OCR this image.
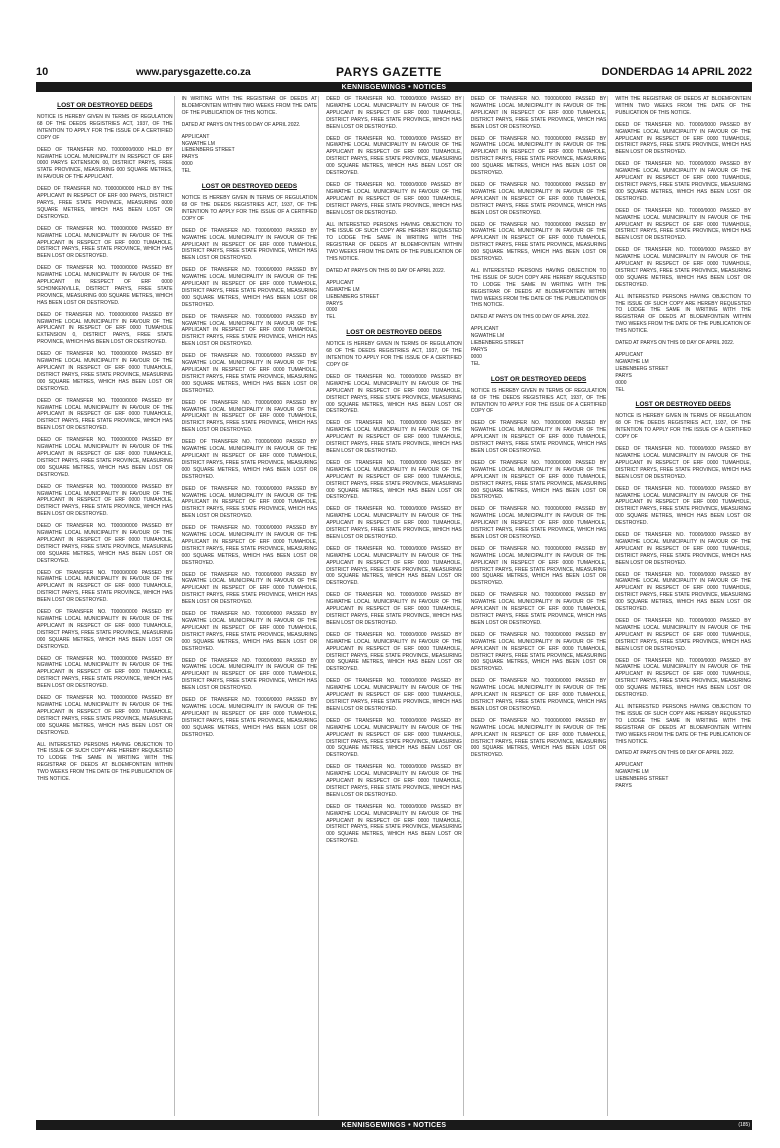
10	www.parysgazette.co.za	PARYS GAZETTE	DONDERDAG 14 APRIL 2022
KENNISGEWINGS • NOTICES
LOST OR DESTROYED DEEDS

NOTICE IS HEREBY GIVEN IN TERMS OF REGULATION 68 OF THE DEEDS REGISTRIES ACT, 1937, OF THE INTENTION TO APPLY FOR THE ISSUE OF A CERTIFIED COPY OF

DEED OF TRANSFER NO. T000000/0000 HELD BY NGWATHE LOCAL MUNICIPALITY IN RESPECT OF ERF 0000 PARYS EXTENSION 00, DISTRICT PARYS, FREE STATE PROVINCE, MEASURING 000 SQUARE METRES, IN FAVOUR OF THE APPLICANT.

DEED OF TRANSFER NO. T00000/0000 HELD BY THE APPLICANT IN RESPECT OF ERF 000 PARYS, DISTRICT PARYS, FREE STATE PROVINCE, MEASURING 0000 SQUARE METRES, WHICH HAS BEEN LOST OR DESTROYED.

DEED OF TRANSFER NO. T0000/0000 PASSED BY NGWATHE LOCAL MUNICIPALITY IN FAVOUR OF THE APPLICANT IN RESPECT OF ERF 0000 TUMAHOLE, DISTRICT PARYS, FREE STATE PROVINCE, WHICH HAS BEEN LOST OR DESTROYED.

DEED OF TRANSFER NO. T0000/0000 PASSED BY NGWATHE LOCAL MUNICIPALITY IN FAVOUR OF THE APPLICANT IN RESPECT OF ERF 0000 SCHONKENVILLE, DISTRICT PARYS, FREE STATE PROVINCE, MEASURING 000 SQUARE METRES, WHICH HAS BEEN LOST OR DESTROYED.

DEED OF TRANSFER NO. T00000/0000 PASSED BY NGWATHE LOCAL MUNICIPALITY IN FAVOUR OF THE APPLICANT IN RESPECT OF ERF 0000 TUMAHOLE EXTENSION 0, DISTRICT PARYS, FREE STATE PROVINCE, WHICH HAS BEEN LOST OR DESTROYED.

DEED OF TRANSFER NO. T0000/0000 PASSED BY NGWATHE LOCAL MUNICIPALITY IN FAVOUR OF THE APPLICANT IN RESPECT OF ERF 0000 TUMAHOLE, DISTRICT PARYS, FREE STATE PROVINCE, MEASURING 000 SQUARE METRES, WHICH HAS BEEN LOST OR DESTROYED.

DEED OF TRANSFER NO. T0000/0000 PASSED BY NGWATHE LOCAL MUNICIPALITY IN FAVOUR OF THE APPLICANT IN RESPECT OF ERF 0000 TUMAHOLE, DISTRICT PARYS, FREE STATE PROVINCE, WHICH HAS BEEN LOST OR DESTROYED.

DEED OF TRANSFER NO. T0000/0000 PASSED BY NGWATHE LOCAL MUNICIPALITY IN FAVOUR OF THE APPLICANT IN RESPECT OF ERF 0000 TUMAHOLE, DISTRICT PARYS, FREE STATE PROVINCE, MEASURING 000 SQUARE METRES, WHICH HAS BEEN LOST OR DESTROYED.

DEED OF TRANSFER NO. T0000/0000 PASSED BY NGWATHE LOCAL MUNICIPALITY IN FAVOUR OF THE APPLICANT IN RESPECT OF ERF 0000 TUMAHOLE, DISTRICT PARYS, FREE STATE PROVINCE, WHICH HAS BEEN LOST OR DESTROYED.

DEED OF TRANSFER NO. T0000/0000 PASSED BY NGWATHE LOCAL MUNICIPALITY IN FAVOUR OF THE APPLICANT IN RESPECT OF ERF 0000 TUMAHOLE, DISTRICT PARYS, FREE STATE PROVINCE, MEASURING 000 SQUARE METRES, WHICH HAS BEEN LOST OR DESTROYED.

DEED OF TRANSFER NO. T0000/0000 PASSED BY NGWATHE LOCAL MUNICIPALITY IN FAVOUR OF THE APPLICANT IN RESPECT OF ERF 0000 TUMAHOLE, DISTRICT PARYS, FREE STATE PROVINCE, WHICH HAS BEEN LOST OR DESTROYED.

DEED OF TRANSFER NO. T0000/0000 PASSED BY NGWATHE LOCAL MUNICIPALITY IN FAVOUR OF THE APPLICANT IN RESPECT OF ERF 0000 TUMAHOLE, DISTRICT PARYS, FREE STATE PROVINCE, MEASURING 000 SQUARE METRES, WHICH HAS BEEN LOST OR DESTROYED.

DEED OF TRANSFER NO. T0000/0000 PASSED BY NGWATHE LOCAL MUNICIPALITY IN FAVOUR OF THE APPLICANT IN RESPECT OF ERF 0000 TUMAHOLE, DISTRICT PARYS, FREE STATE PROVINCE, WHICH HAS BEEN LOST OR DESTROYED.

DEED OF TRANSFER NO. T0000/0000 PASSED BY NGWATHE LOCAL MUNICIPALITY IN FAVOUR OF THE APPLICANT IN RESPECT OF ERF 0000 TUMAHOLE, DISTRICT PARYS, FREE STATE PROVINCE, MEASURING 000 SQUARE METRES, WHICH HAS BEEN LOST OR DESTROYED.

ALL INTERESTED PERSONS HAVING OBJECTION TO THE ISSUE OF SUCH COPY ARE HEREBY REQUESTED TO LODGE THE SAME IN WRITING WITH THE REGISTRAR OF DEEDS AT BLOEMFONTEIN WITHIN TWO WEEKS FROM THE DATE OF THE PUBLICATION OF THIS NOTICE.

IN WRITING WITH THE REGISTRAR OF DEEDS AT BLOEMFONTEIN WITHIN TWO WEEKS FROM THE DATE OF THE PUBLICATION OF THIS NOTICE.

DATED AT PARYS ON THIS 00 DAY OF APRIL 2022.

APPLICANT
NGWATHE LM
LIEBENBERG STREET
PARYS
0000
TEL
LOST OR DESTROYED DEEDS

NOTICE IS HEREBY GIVEN IN TERMS OF REGULATION 68 OF THE DEEDS REGISTRIES ACT, 1937, OF THE INTENTION TO APPLY FOR THE ISSUE OF A CERTIFIED COPY OF

DEED OF TRANSFER NO. T0000/0000 PASSED BY NGWATHE LOCAL MUNICIPALITY IN FAVOUR OF THE APPLICANT IN RESPECT OF ERF 0000 TUMAHOLE, DISTRICT PARYS, FREE STATE PROVINCE, WHICH HAS BEEN LOST OR DESTROYED.

DEED OF TRANSFER NO. T0000/0000 PASSED BY NGWATHE LOCAL MUNICIPALITY IN FAVOUR OF THE APPLICANT IN RESPECT OF ERF 0000 TUMAHOLE, DISTRICT PARYS, FREE STATE PROVINCE, MEASURING 000 SQUARE METRES, WHICH HAS BEEN LOST OR DESTROYED.

DEED OF TRANSFER NO. T0000/0000 PASSED BY NGWATHE LOCAL MUNICIPALITY IN FAVOUR OF THE APPLICANT IN RESPECT OF ERF 0000 TUMAHOLE, DISTRICT PARYS, FREE STATE PROVINCE, WHICH HAS BEEN LOST OR DESTROYED.

DEED OF TRANSFER NO. T0000/0000 PASSED BY NGWATHE LOCAL MUNICIPALITY IN FAVOUR OF THE APPLICANT IN RESPECT OF ERF 0000 TUMAHOLE, DISTRICT PARYS, FREE STATE PROVINCE, MEASURING 000 SQUARE METRES, WHICH HAS BEEN LOST OR DESTROYED.

DEED OF TRANSFER NO. T0000/0000 PASSED BY NGWATHE LOCAL MUNICIPALITY IN FAVOUR OF THE APPLICANT IN RESPECT OF ERF 0000 TUMAHOLE, DISTRICT PARYS, FREE STATE PROVINCE, WHICH HAS BEEN LOST OR DESTROYED.

DEED OF TRANSFER NO. T0000/0000 PASSED BY NGWATHE LOCAL MUNICIPALITY IN FAVOUR OF THE APPLICANT IN RESPECT OF ERF 0000 TUMAHOLE, DISTRICT PARYS, FREE STATE PROVINCE, MEASURING 000 SQUARE METRES, WHICH HAS BEEN LOST OR DESTROYED.

DEED OF TRANSFER NO. T0000/0000 PASSED BY NGWATHE LOCAL MUNICIPALITY IN FAVOUR OF THE APPLICANT IN RESPECT OF ERF 0000 TUMAHOLE, DISTRICT PARYS, FREE STATE PROVINCE, WHICH HAS BEEN LOST OR DESTROYED.

DEED OF TRANSFER NO. T0000/0000 PASSED BY NGWATHE LOCAL MUNICIPALITY IN FAVOUR OF THE APPLICANT IN RESPECT OF ERF 0000 TUMAHOLE, DISTRICT PARYS, FREE STATE PROVINCE, MEASURING 000 SQUARE METRES, WHICH HAS BEEN LOST OR DESTROYED.

DEED OF TRANSFER NO. T0000/0000 PASSED BY NGWATHE LOCAL MUNICIPALITY IN FAVOUR OF THE APPLICANT IN RESPECT OF ERF 0000 TUMAHOLE, DISTRICT PARYS, FREE STATE PROVINCE, WHICH HAS BEEN LOST OR DESTROYED.

DEED OF TRANSFER NO. T0000/0000 PASSED BY NGWATHE LOCAL MUNICIPALITY IN FAVOUR OF THE APPLICANT IN RESPECT OF ERF 0000 TUMAHOLE, DISTRICT PARYS, FREE STATE PROVINCE, MEASURING 000 SQUARE METRES, WHICH HAS BEEN LOST OR DESTROYED.

DEED OF TRANSFER NO. T0000/0000 PASSED BY NGWATHE LOCAL MUNICIPALITY IN FAVOUR OF THE APPLICANT IN RESPECT OF ERF 0000 TUMAHOLE, DISTRICT PARYS, FREE STATE PROVINCE, WHICH HAS BEEN LOST OR DESTROYED.

DEED OF TRANSFER NO. T0000/0000 PASSED BY NGWATHE LOCAL MUNICIPALITY IN FAVOUR OF THE APPLICANT IN RESPECT OF ERF 0000 TUMAHOLE, DISTRICT PARYS, FREE STATE PROVINCE, MEASURING 000 SQUARE METRES, WHICH HAS BEEN LOST OR DESTROYED.

DEED OF TRANSFER NO. T0000/0000 PASSED BY NGWATHE LOCAL MUNICIPALITY IN FAVOUR OF THE APPLICANT IN RESPECT OF ERF 0000 TUMAHOLE, DISTRICT PARYS, FREE STATE PROVINCE, WHICH HAS BEEN LOST OR DESTROYED.

DEED OF TRANSFER NO. T0000/0000 PASSED BY NGWATHE LOCAL MUNICIPALITY IN FAVOUR OF THE APPLICANT IN RESPECT OF ERF 0000 TUMAHOLE, DISTRICT PARYS, FREE STATE PROVINCE, MEASURING 000 SQUARE METRES, WHICH HAS BEEN LOST OR DESTROYED.

DEED OF TRANSFER NO. T0000/0000 PASSED BY NGWATHE LOCAL MUNICIPALITY IN FAVOUR OF THE APPLICANT IN RESPECT OF ERF 0000 TUMAHOLE, DISTRICT PARYS, FREE STATE PROVINCE, WHICH HAS BEEN LOST OR DESTROYED.

ALL INTERESTED PERSONS HAVING OBJECTION TO THE ISSUE OF SUCH COPY ARE HEREBY REQUESTED TO LODGE THE SAME IN WRITING WITH THE REGISTRAR OF DEEDS AT BLOEMFONTEIN WITHIN TWO WEEKS FROM THE DATE OF THE PUBLICATION OF THIS NOTICE.

DATED AT PARYS ON THIS 00 DAY OF APRIL 2022.

APPLICANT
NGWATHE LM
LIEBENBERG STREET
PARYS
0000
TEL
LOST OR DESTROYED DEEDS

NOTICE IS HEREBY GIVEN IN TERMS OF REGULATION 68 OF THE DEEDS REGISTRIES ACT, 1937, OF THE INTENTION TO APPLY FOR THE ISSUE OF A CERTIFIED COPY OF

DEED OF TRANSFER NO. T0000/0000 PASSED BY NGWATHE LOCAL MUNICIPALITY IN FAVOUR OF THE APPLICANT IN RESPECT OF ERF 0000 TUMAHOLE, DISTRICT PARYS, FREE STATE PROVINCE, MEASURING 000 SQUARE METRES, WHICH HAS BEEN LOST OR DESTROYED.

DEED OF TRANSFER NO. T0000/0000 PASSED BY NGWATHE LOCAL MUNICIPALITY IN FAVOUR OF THE APPLICANT IN RESPECT OF ERF 0000 TUMAHOLE, DISTRICT PARYS, FREE STATE PROVINCE, WHICH HAS BEEN LOST OR DESTROYED.

DEED OF TRANSFER NO. T0000/0000 PASSED BY NGWATHE LOCAL MUNICIPALITY IN FAVOUR OF THE APPLICANT IN RESPECT OF ERF 0000 TUMAHOLE, DISTRICT PARYS, FREE STATE PROVINCE, MEASURING 000 SQUARE METRES, WHICH HAS BEEN LOST OR DESTROYED.

DEED OF TRANSFER NO. T0000/0000 PASSED BY NGWATHE LOCAL MUNICIPALITY IN FAVOUR OF THE APPLICANT IN RESPECT OF ERF 0000 TUMAHOLE, DISTRICT PARYS, FREE STATE PROVINCE, WHICH HAS BEEN LOST OR DESTROYED.

DEED OF TRANSFER NO. T0000/0000 PASSED BY NGWATHE LOCAL MUNICIPALITY IN FAVOUR OF THE APPLICANT IN RESPECT OF ERF 0000 TUMAHOLE, DISTRICT PARYS, FREE STATE PROVINCE, MEASURING 000 SQUARE METRES, WHICH HAS BEEN LOST OR DESTROYED.

DEED OF TRANSFER NO. T0000/0000 PASSED BY NGWATHE LOCAL MUNICIPALITY IN FAVOUR OF THE APPLICANT IN RESPECT OF ERF 0000 TUMAHOLE, DISTRICT PARYS, FREE STATE PROVINCE, WHICH HAS BEEN LOST OR DESTROYED.

DEED OF TRANSFER NO. T0000/0000 PASSED BY NGWATHE LOCAL MUNICIPALITY IN FAVOUR OF THE APPLICANT IN RESPECT OF ERF 0000 TUMAHOLE, DISTRICT PARYS, FREE STATE PROVINCE, MEASURING 000 SQUARE METRES, WHICH HAS BEEN LOST OR DESTROYED.

DEED OF TRANSFER NO. T0000/0000 PASSED BY NGWATHE LOCAL MUNICIPALITY IN FAVOUR OF THE APPLICANT IN RESPECT OF ERF 0000 TUMAHOLE, DISTRICT PARYS, FREE STATE PROVINCE, WHICH HAS BEEN LOST OR DESTROYED.

DEED OF TRANSFER NO. T0000/0000 PASSED BY NGWATHE LOCAL MUNICIPALITY IN FAVOUR OF THE APPLICANT IN RESPECT OF ERF 0000 TUMAHOLE, DISTRICT PARYS, FREE STATE PROVINCE, MEASURING 000 SQUARE METRES, WHICH HAS BEEN LOST OR DESTROYED.

DEED OF TRANSFER NO. T0000/0000 PASSED BY NGWATHE LOCAL MUNICIPALITY IN FAVOUR OF THE APPLICANT IN RESPECT OF ERF 0000 TUMAHOLE, DISTRICT PARYS, FREE STATE PROVINCE, WHICH HAS BEEN LOST OR DESTROYED.

DEED OF TRANSFER NO. T0000/0000 PASSED BY NGWATHE LOCAL MUNICIPALITY IN FAVOUR OF THE APPLICANT IN RESPECT OF ERF 0000 TUMAHOLE, DISTRICT PARYS, FREE STATE PROVINCE, MEASURING 000 SQUARE METRES, WHICH HAS BEEN LOST OR DESTROYED.

DEED OF TRANSFER NO. T0000/0000 PASSED BY NGWATHE LOCAL MUNICIPALITY IN FAVOUR OF THE APPLICANT IN RESPECT OF ERF 0000 TUMAHOLE, DISTRICT PARYS, FREE STATE PROVINCE, WHICH HAS BEEN LOST OR DESTROYED.

DEED OF TRANSFER NO. T0000/0000 PASSED BY NGWATHE LOCAL MUNICIPALITY IN FAVOUR OF THE APPLICANT IN RESPECT OF ERF 0000 TUMAHOLE, DISTRICT PARYS, FREE STATE PROVINCE, MEASURING 000 SQUARE METRES, WHICH HAS BEEN LOST OR DESTROYED.

DEED OF TRANSFER NO. T0000/0000 PASSED BY NGWATHE LOCAL MUNICIPALITY IN FAVOUR OF THE APPLICANT IN RESPECT OF ERF 0000 TUMAHOLE, DISTRICT PARYS, FREE STATE PROVINCE, WHICH HAS BEEN LOST OR DESTROYED.

DEED OF TRANSFER NO. T0000/0000 PASSED BY NGWATHE LOCAL MUNICIPALITY IN FAVOUR OF THE APPLICANT IN RESPECT OF ERF 0000 TUMAHOLE, DISTRICT PARYS, FREE STATE PROVINCE, MEASURING 000 SQUARE METRES, WHICH HAS BEEN LOST OR DESTROYED.

ALL INTERESTED PERSONS HAVING OBJECTION TO THE ISSUE OF SUCH COPY ARE HEREBY REQUESTED TO LODGE THE SAME IN WRITING WITH THE REGISTRAR OF DEEDS AT BLOEMFONTEIN WITHIN TWO WEEKS FROM THE DATE OF THE PUBLICATION OF THIS NOTICE.

DATED AT PARYS ON THIS 00 DAY OF APRIL 2022.

APPLICANT
NGWATHE LM
LIEBENBERG STREET
PARYS
0000
TEL
LOST OR DESTROYED DEEDS

NOTICE IS HEREBY GIVEN IN TERMS OF REGULATION 68 OF THE DEEDS REGISTRIES ACT, 1937, OF THE INTENTION TO APPLY FOR THE ISSUE OF A CERTIFIED COPY OF

DEED OF TRANSFER NO. T0000/0000 PASSED BY NGWATHE LOCAL MUNICIPALITY IN FAVOUR OF THE APPLICANT IN RESPECT OF ERF 0000 TUMAHOLE, DISTRICT PARYS, FREE STATE PROVINCE, WHICH HAS BEEN LOST OR DESTROYED.

DEED OF TRANSFER NO. T0000/0000 PASSED BY NGWATHE LOCAL MUNICIPALITY IN FAVOUR OF THE APPLICANT IN RESPECT OF ERF 0000 TUMAHOLE, DISTRICT PARYS, FREE STATE PROVINCE, MEASURING 000 SQUARE METRES, WHICH HAS BEEN LOST OR DESTROYED.

DEED OF TRANSFER NO. T0000/0000 PASSED BY NGWATHE LOCAL MUNICIPALITY IN FAVOUR OF THE APPLICANT IN RESPECT OF ERF 0000 TUMAHOLE, DISTRICT PARYS, FREE STATE PROVINCE, WHICH HAS BEEN LOST OR DESTROYED.

DEED OF TRANSFER NO. T0000/0000 PASSED BY NGWATHE LOCAL MUNICIPALITY IN FAVOUR OF THE APPLICANT IN RESPECT OF ERF 0000 TUMAHOLE, DISTRICT PARYS, FREE STATE PROVINCE, MEASURING 000 SQUARE METRES, WHICH HAS BEEN LOST OR DESTROYED.

DEED OF TRANSFER NO. T0000/0000 PASSED BY NGWATHE LOCAL MUNICIPALITY IN FAVOUR OF THE APPLICANT IN RESPECT OF ERF 0000 TUMAHOLE, DISTRICT PARYS, FREE STATE PROVINCE, WHICH HAS BEEN LOST OR DESTROYED.

DEED OF TRANSFER NO. T0000/0000 PASSED BY NGWATHE LOCAL MUNICIPALITY IN FAVOUR OF THE APPLICANT IN RESPECT OF ERF 0000 TUMAHOLE, DISTRICT PARYS, FREE STATE PROVINCE, MEASURING 000 SQUARE METRES, WHICH HAS BEEN LOST OR DESTROYED.

DEED OF TRANSFER NO. T0000/0000 PASSED BY NGWATHE LOCAL MUNICIPALITY IN FAVOUR OF THE APPLICANT IN RESPECT OF ERF 0000 TUMAHOLE, DISTRICT PARYS, FREE STATE PROVINCE, WHICH HAS BEEN LOST OR DESTROYED.

DEED OF TRANSFER NO. T0000/0000 PASSED BY NGWATHE LOCAL MUNICIPALITY IN FAVOUR OF THE APPLICANT IN RESPECT OF ERF 0000 TUMAHOLE, DISTRICT PARYS, FREE STATE PROVINCE, MEASURING 000 SQUARE METRES, WHICH HAS BEEN LOST OR DESTROYED.

WITH THE REGISTRAR OF DEEDS AT BLOEMFONTEIN WITHIN TWO WEEKS FROM THE DATE OF THE PUBLICATION OF THIS NOTICE.

DEED OF TRANSFER NO. T0000/0000 PASSED BY NGWATHE LOCAL MUNICIPALITY IN FAVOUR OF THE APPLICANT IN RESPECT OF ERF 0000 TUMAHOLE, DISTRICT PARYS, FREE STATE PROVINCE, WHICH HAS BEEN LOST OR DESTROYED.

DEED OF TRANSFER NO. T0000/0000 PASSED BY NGWATHE LOCAL MUNICIPALITY IN FAVOUR OF THE APPLICANT IN RESPECT OF ERF 0000 TUMAHOLE, DISTRICT PARYS, FREE STATE PROVINCE, MEASURING 000 SQUARE METRES, WHICH HAS BEEN LOST OR DESTROYED.

DEED OF TRANSFER NO. T0000/0000 PASSED BY NGWATHE LOCAL MUNICIPALITY IN FAVOUR OF THE APPLICANT IN RESPECT OF ERF 0000 TUMAHOLE, DISTRICT PARYS, FREE STATE PROVINCE, WHICH HAS BEEN LOST OR DESTROYED.

DEED OF TRANSFER NO. T0000/0000 PASSED BY NGWATHE LOCAL MUNICIPALITY IN FAVOUR OF THE APPLICANT IN RESPECT OF ERF 0000 TUMAHOLE, DISTRICT PARYS, FREE STATE PROVINCE, MEASURING 000 SQUARE METRES, WHICH HAS BEEN LOST OR DESTROYED.

ALL INTERESTED PERSONS HAVING OBJECTION TO THE ISSUE OF SUCH COPY ARE HEREBY REQUESTED TO LODGE THE SAME IN WRITING WITH THE REGISTRAR OF DEEDS AT BLOEMFONTEIN WITHIN TWO WEEKS FROM THE DATE OF THE PUBLICATION OF THIS NOTICE.

DATED AT PARYS ON THIS 00 DAY OF APRIL 2022.

APPLICANT
NGWATHE LM
LIEBENBERG STREET
PARYS
0000
TEL
LOST OR DESTROYED DEEDS

NOTICE IS HEREBY GIVEN IN TERMS OF REGULATION 68 OF THE DEEDS REGISTRIES ACT, 1937, OF THE INTENTION TO APPLY FOR THE ISSUE OF A CERTIFIED COPY OF

DEED OF TRANSFER NO. T0000/0000 PASSED BY NGWATHE LOCAL MUNICIPALITY IN FAVOUR OF THE APPLICANT IN RESPECT OF ERF 0000 TUMAHOLE, DISTRICT PARYS, FREE STATE PROVINCE, WHICH HAS BEEN LOST OR DESTROYED.

DEED OF TRANSFER NO. T0000/0000 PASSED BY NGWATHE LOCAL MUNICIPALITY IN FAVOUR OF THE APPLICANT IN RESPECT OF ERF 0000 TUMAHOLE, DISTRICT PARYS, FREE STATE PROVINCE, MEASURING 000 SQUARE METRES, WHICH HAS BEEN LOST OR DESTROYED.

DEED OF TRANSFER NO. T0000/0000 PASSED BY NGWATHE LOCAL MUNICIPALITY IN FAVOUR OF THE APPLICANT IN RESPECT OF ERF 0000 TUMAHOLE, DISTRICT PARYS, FREE STATE PROVINCE, WHICH HAS BEEN LOST OR DESTROYED.

DEED OF TRANSFER NO. T0000/0000 PASSED BY NGWATHE LOCAL MUNICIPALITY IN FAVOUR OF THE APPLICANT IN RESPECT OF ERF 0000 TUMAHOLE, DISTRICT PARYS, FREE STATE PROVINCE, MEASURING 000 SQUARE METRES, WHICH HAS BEEN LOST OR DESTROYED.

DEED OF TRANSFER NO. T0000/0000 PASSED BY NGWATHE LOCAL MUNICIPALITY IN FAVOUR OF THE APPLICANT IN RESPECT OF ERF 0000 TUMAHOLE, DISTRICT PARYS, FREE STATE PROVINCE, WHICH HAS BEEN LOST OR DESTROYED.

DEED OF TRANSFER NO. T0000/0000 PASSED BY NGWATHE LOCAL MUNICIPALITY IN FAVOUR OF THE APPLICANT IN RESPECT OF ERF 0000 TUMAHOLE, DISTRICT PARYS, FREE STATE PROVINCE, MEASURING 000 SQUARE METRES, WHICH HAS BEEN LOST OR DESTROYED.

ALL INTERESTED PERSONS HAVING OBJECTION TO THE ISSUE OF SUCH COPY ARE HEREBY REQUESTED TO LODGE THE SAME IN WRITING WITH THE REGISTRAR OF DEEDS AT BLOEMFONTEIN WITHIN TWO WEEKS FROM THE DATE OF THE PUBLICATION OF THIS NOTICE.

DATED AT PARYS ON THIS 00 DAY OF APRIL 2022.

APPLICANT
NGWATHE LM
LIEBENBERG STREET
PARYS
KENNISGEWINGS • NOTICES	(185)
